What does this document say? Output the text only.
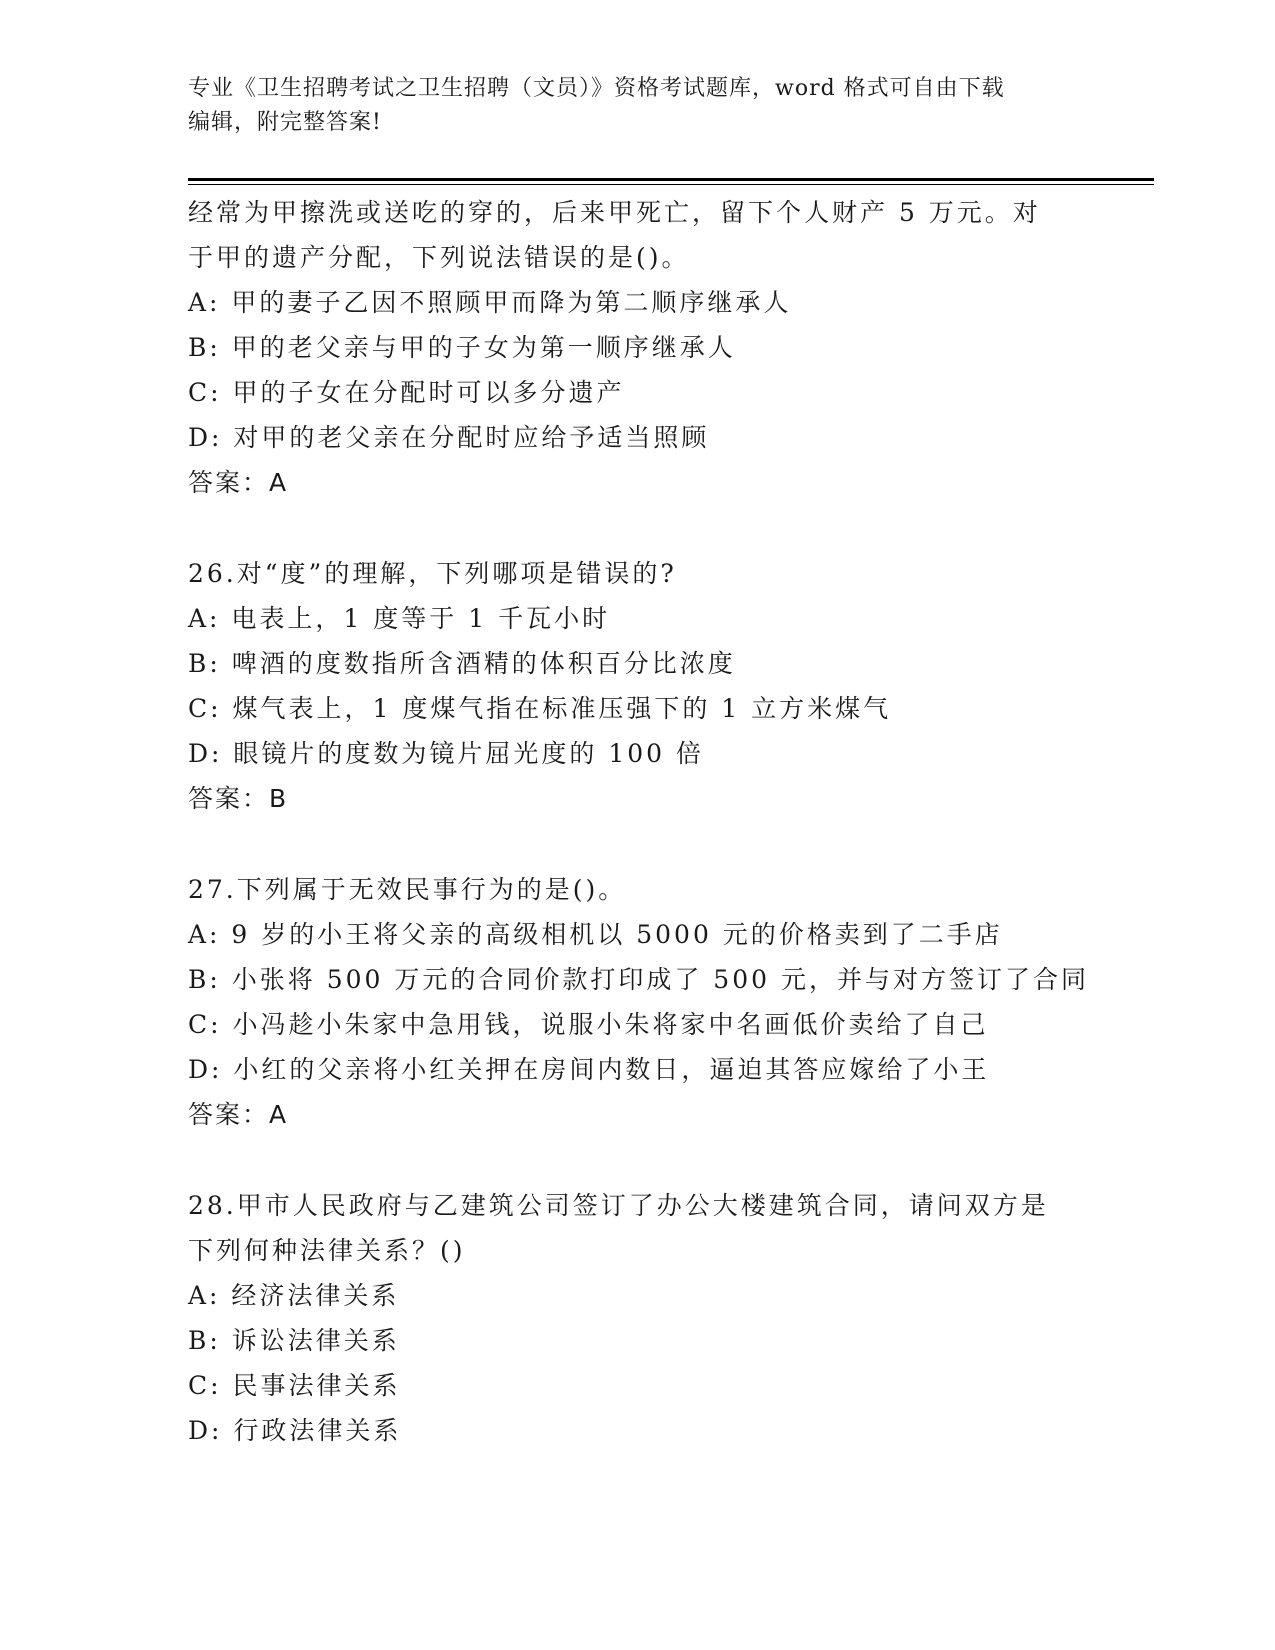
专业《卫生招聘考试之卫生招聘（文员）》资格考试题库，word 格式可自由下载
编辑，附完整答案!

经常为甲擦洗或送吃的穿的，后来甲死亡，留下个人财产 5 万元。对

于甲的遗产分配，下列说法错误的是()。

A: 甲的妻子乙因不照顾甲而降为第二顺序继承人

B: 甲的老父亲与甲的子女为第一顺序继承人

C: 甲的子女在分配时可以多分遗产

D: 对甲的老父亲在分配时应给予适当照顾

答案：A

26.对“度”的理解，下列哪项是错误的?

A: 电表上，1 度等于 1 千瓦小时

B: 啤酒的度数指所含酒精的体积百分比浓度

C: 煤气表上，1 度煤气指在标准压强下的 1 立方米煤气

D: 眼镜片的度数为镜片屈光度的 100 倍

答案：B

27.下列属于无效民事行为的是()。

A: 9 岁的小王将父亲的高级相机以 5000 元的价格卖到了二手店

B: 小张将 500 万元的合同价款打印成了 500 元，并与对方签订了合同

C: 小冯趁小朱家中急用钱，说服小朱将家中名画低价卖给了自己

D: 小红的父亲将小红关押在房间内数日，逼迫其答应嫁给了小王

答案：A

28.甲市人民政府与乙建筑公司签订了办公大楼建筑合同，请问双方是

下列何种法律关系？()

A: 经济法律关系

B: 诉讼法律关系

C: 民事法律关系

D: 行政法律关系
